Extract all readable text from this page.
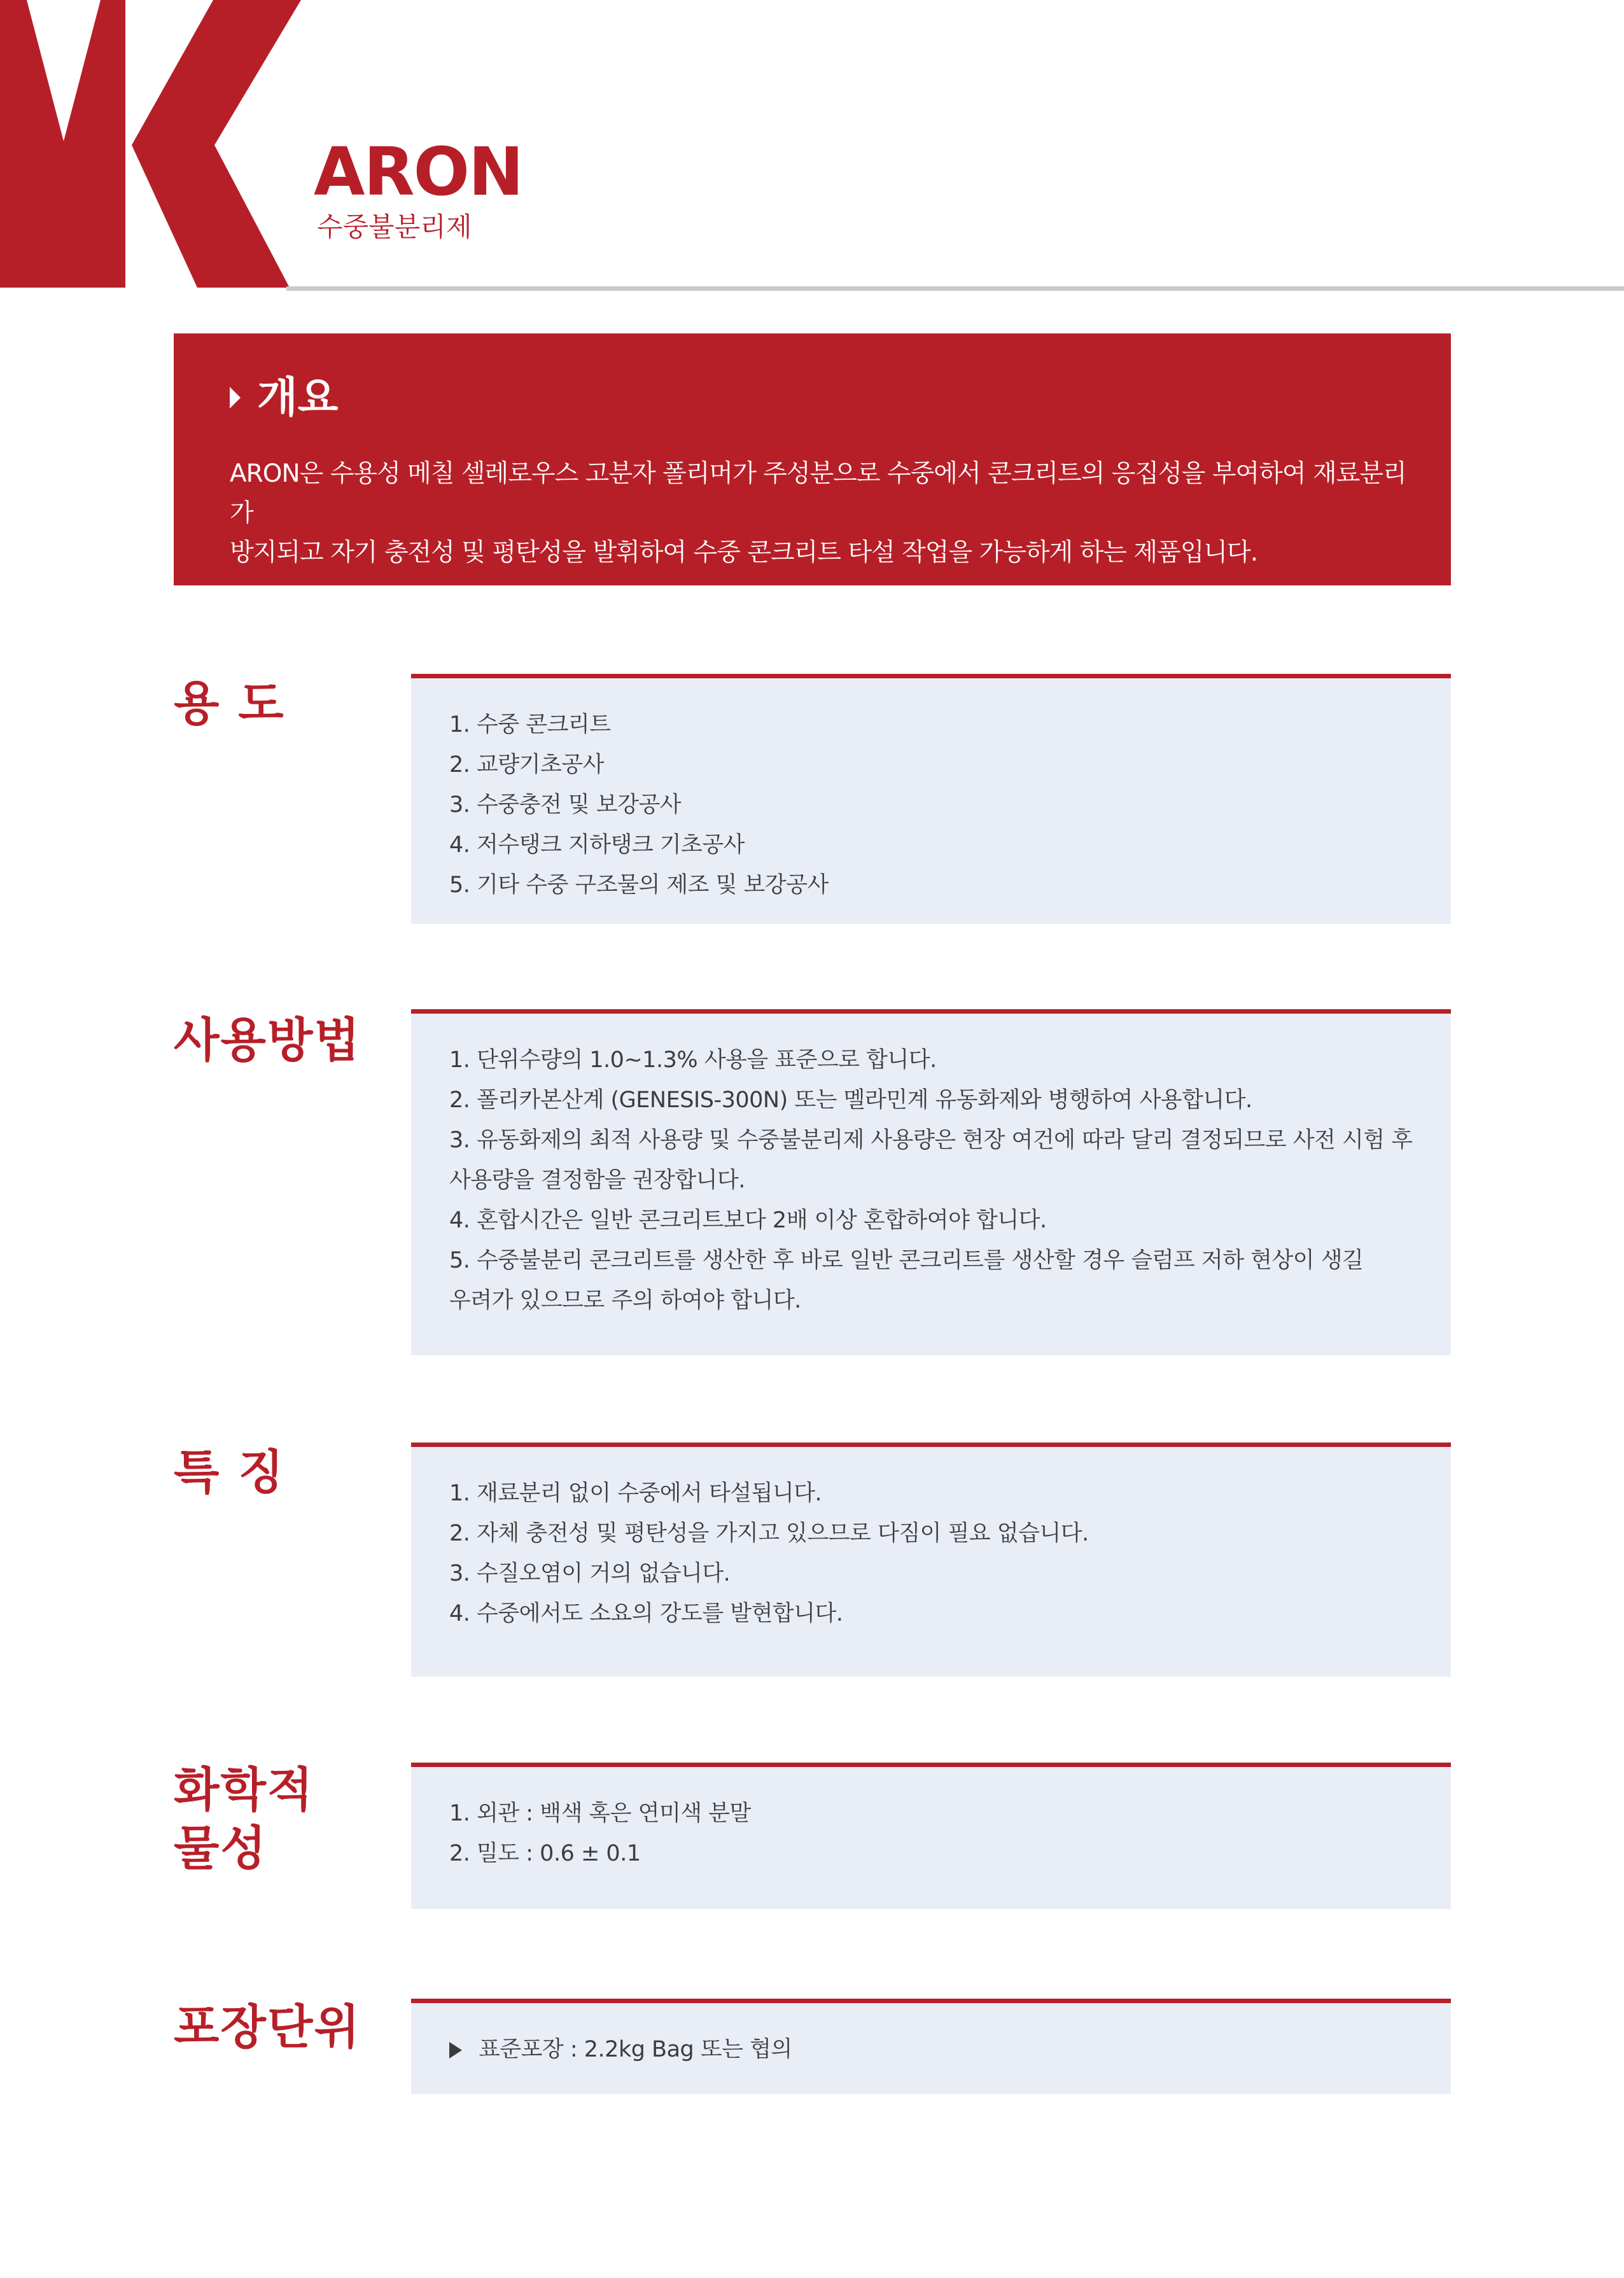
ARON
수중불분리제
개요
ARON은 수용성 메칠 셀레로우스 고분자 폴리머가 주성분으로 수중에서 콘크리트의 응집성을 부여하여 재료분리가
방지되고 자기 충전성 및 평탄성을 발휘하여 수중 콘크리트 타설 작업을 가능하게 하는 제품입니다.
용 도	1. 수중 콘크리트
2. 교량기초공사
3. 수중충전 및 보강공사
4. 저수탱크 지하탱크 기초공사
5. 기타 수중 구조물의 제조 및 보강공사
사용방법	1. 단위수량의 1.0~1.3% 사용을 표준으로 합니다.
2. 폴리카본산계 (GENESIS-300N) 또는 멜라민계 유동화제와 병행하여 사용합니다.
3. 유동화제의 최적 사용량 및 수중불분리제 사용량은 현장 여건에 따라 달리 결정되므로 사전 시험 후
사용량을 결정함을 권장합니다.
4. 혼합시간은 일반 콘크리트보다 2배 이상 혼합하여야 합니다.
5. 수중불분리 콘크리트를 생산한 후 바로 일반 콘크리트를 생산할 경우 슬럼프 저하 현상이 생길
우려가 있으므로 주의 하여야 합니다.
특 징	1. 재료분리 없이 수중에서 타설됩니다.
2. 자체 충전성 및 평탄성을 가지고 있으므로 다짐이 필요 없습니다.
3. 수질오염이 거의 없습니다.
4. 수중에서도 소요의 강도를 발현합니다.
화학적
물성
1. 외관 : 백색 혹은 연미색 분말
2. 밀도 : 0.6 ± 0.1
포장단위	표준포장 : 2.2kg Bag 또는 협의
